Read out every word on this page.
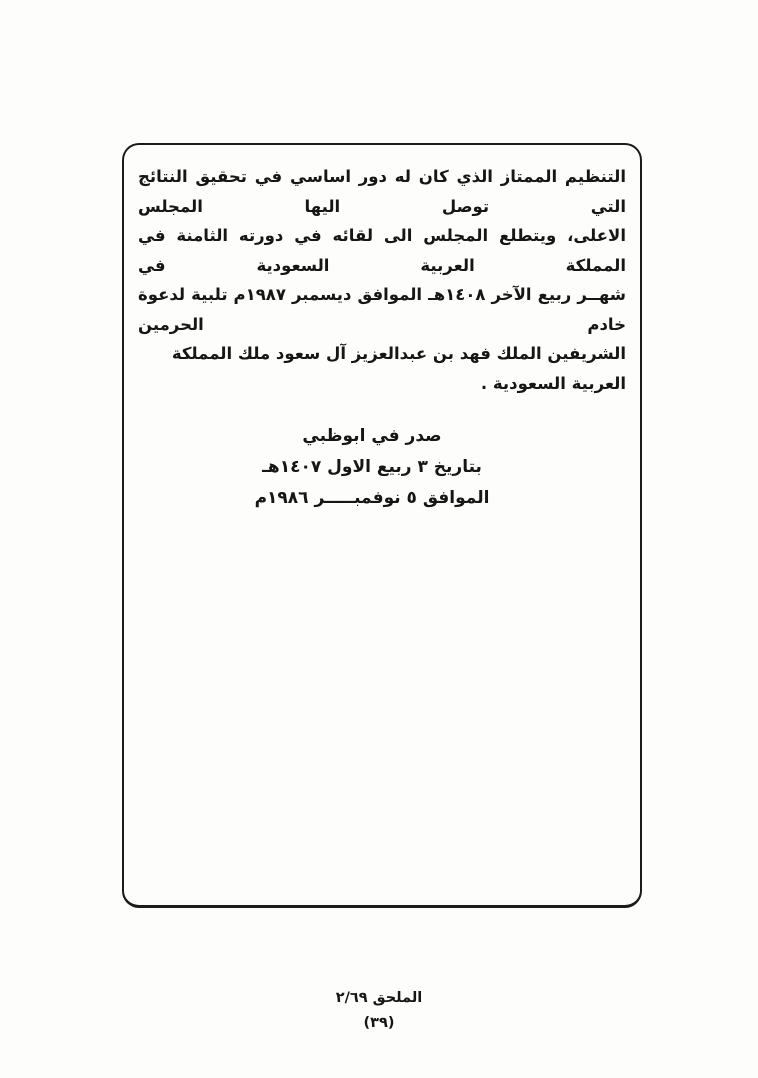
التنظيم الممتاز الذي كان له دور اساسي في تحقيق النتائج التي توصل اليها المجلس
الاعلى، ويتطلع المجلس الى لقائه في دورته الثامنة في المملكة العربية السعودية في
شهــر ربيع الآخر ١٤٠٨هـ الموافق ديسمبر ١٩٨٧م تلبية لدعوة خادم الحرمين
الشريفين الملك فهد بن عبدالعزيز آل سعود ملك المملكة العربية السعودية .
صدر في ابوظبي
بتاريخ ٣ ربيع الاول ١٤٠٧هـ
الموافق ٥ نوفمبـــــر ١٩٨٦م
الملحق ٢/٦٩
(٣٩)
